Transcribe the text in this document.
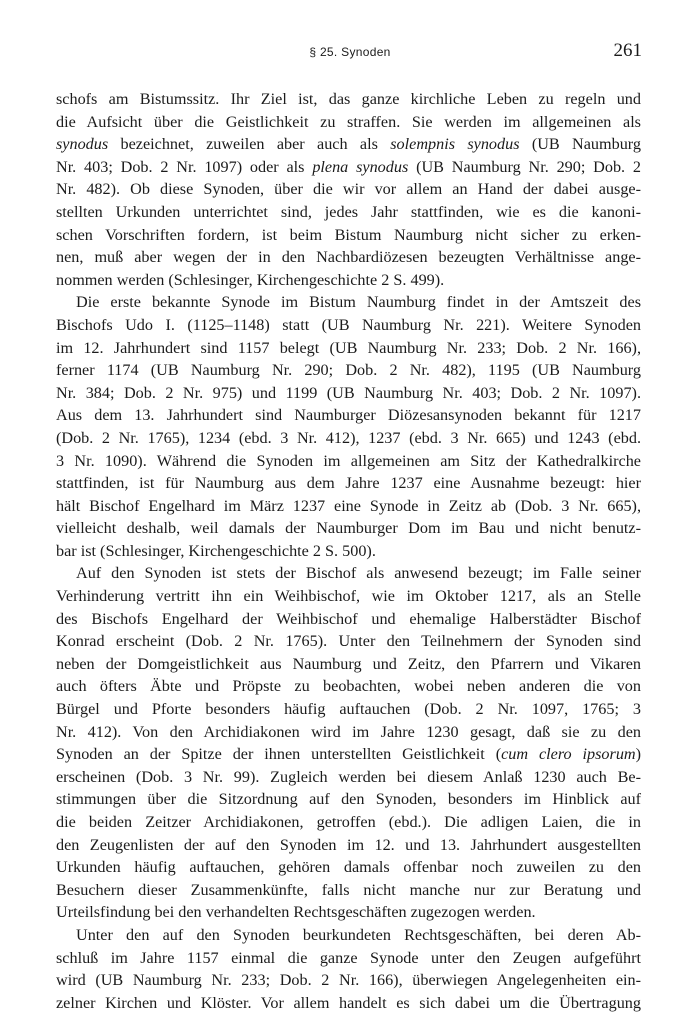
§ 25. Synoden	261
schofs am Bistumssitz. Ihr Ziel ist, das ganze kirchliche Leben zu regeln und
die Aufsicht über die Geistlichkeit zu straffen. Sie werden im allgemeinen als
synodus bezeichnet, zuweilen aber auch als solempnis synodus (UB Naumburg
Nr. 403; Dob. 2 Nr. 1097) oder als plena synodus (UB Naumburg Nr. 290; Dob. 2
Nr. 482). Ob diese Synoden, über die wir vor allem an Hand der dabei ausge-
stellten Urkunden unterrichtet sind, jedes Jahr stattfinden, wie es die kanoni-
schen Vorschriften fordern, ist beim Bistum Naumburg nicht sicher zu erken-
nen, muß aber wegen der in den Nachbardiözesen bezeugten Verhältnisse ange-
nommen werden (Schlesinger, Kirchengeschichte 2 S. 499).
Die erste bekannte Synode im Bistum Naumburg findet in der Amtszeit des
Bischofs Udo I. (1125–1148) statt (UB Naumburg Nr. 221). Weitere Synoden
im 12. Jahrhundert sind 1157 belegt (UB Naumburg Nr. 233; Dob. 2 Nr. 166),
ferner 1174 (UB Naumburg Nr. 290; Dob. 2 Nr. 482), 1195 (UB Naumburg
Nr. 384; Dob. 2 Nr. 975) und 1199 (UB Naumburg Nr. 403; Dob. 2 Nr. 1097).
Aus dem 13. Jahrhundert sind Naumburger Diözesansynoden bekannt für 1217
(Dob. 2 Nr. 1765), 1234 (ebd. 3 Nr. 412), 1237 (ebd. 3 Nr. 665) und 1243 (ebd.
3 Nr. 1090). Während die Synoden im allgemeinen am Sitz der Kathedralkirche
stattfinden, ist für Naumburg aus dem Jahre 1237 eine Ausnahme bezeugt: hier
hält Bischof Engelhard im März 1237 eine Synode in Zeitz ab (Dob. 3 Nr. 665),
vielleicht deshalb, weil damals der Naumburger Dom im Bau und nicht benutz-
bar ist (Schlesinger, Kirchengeschichte 2 S. 500).
Auf den Synoden ist stets der Bischof als anwesend bezeugt; im Falle seiner
Verhinderung vertritt ihn ein Weihbischof, wie im Oktober 1217, als an Stelle
des Bischofs Engelhard der Weihbischof und ehemalige Halberstädter Bischof
Konrad erscheint (Dob. 2 Nr. 1765). Unter den Teilnehmern der Synoden sind
neben der Domgeistlichkeit aus Naumburg und Zeitz, den Pfarrern und Vikaren
auch öfters Äbte und Pröpste zu beobachten, wobei neben anderen die von
Bürgel und Pforte besonders häufig auftauchen (Dob. 2 Nr. 1097, 1765; 3
Nr. 412). Von den Archidiakonen wird im Jahre 1230 gesagt, daß sie zu den
Synoden an der Spitze der ihnen unterstellten Geistlichkeit (cum clero ipsorum)
erscheinen (Dob. 3 Nr. 99). Zugleich werden bei diesem Anlaß 1230 auch Be-
stimmungen über die Sitzordnung auf den Synoden, besonders im Hinblick auf
die beiden Zeitzer Archidiakonen, getroffen (ebd.). Die adligen Laien, die in
den Zeugenlisten der auf den Synoden im 12. und 13. Jahrhundert ausgestellten
Urkunden häufig auftauchen, gehören damals offenbar noch zuweilen zu den
Besuchern dieser Zusammenkünfte, falls nicht manche nur zur Beratung und
Urteilsfindung bei den verhandelten Rechtsgeschäften zugezogen werden.
Unter den auf den Synoden beurkundeten Rechtsgeschäften, bei deren Ab-
schluß im Jahre 1157 einmal die ganze Synode unter den Zeugen aufgeführt
wird (UB Naumburg Nr. 233; Dob. 2 Nr. 166), überwiegen Angelegenheiten ein-
zelner Kirchen und Klöster. Vor allem handelt es sich dabei um die Übertragung
